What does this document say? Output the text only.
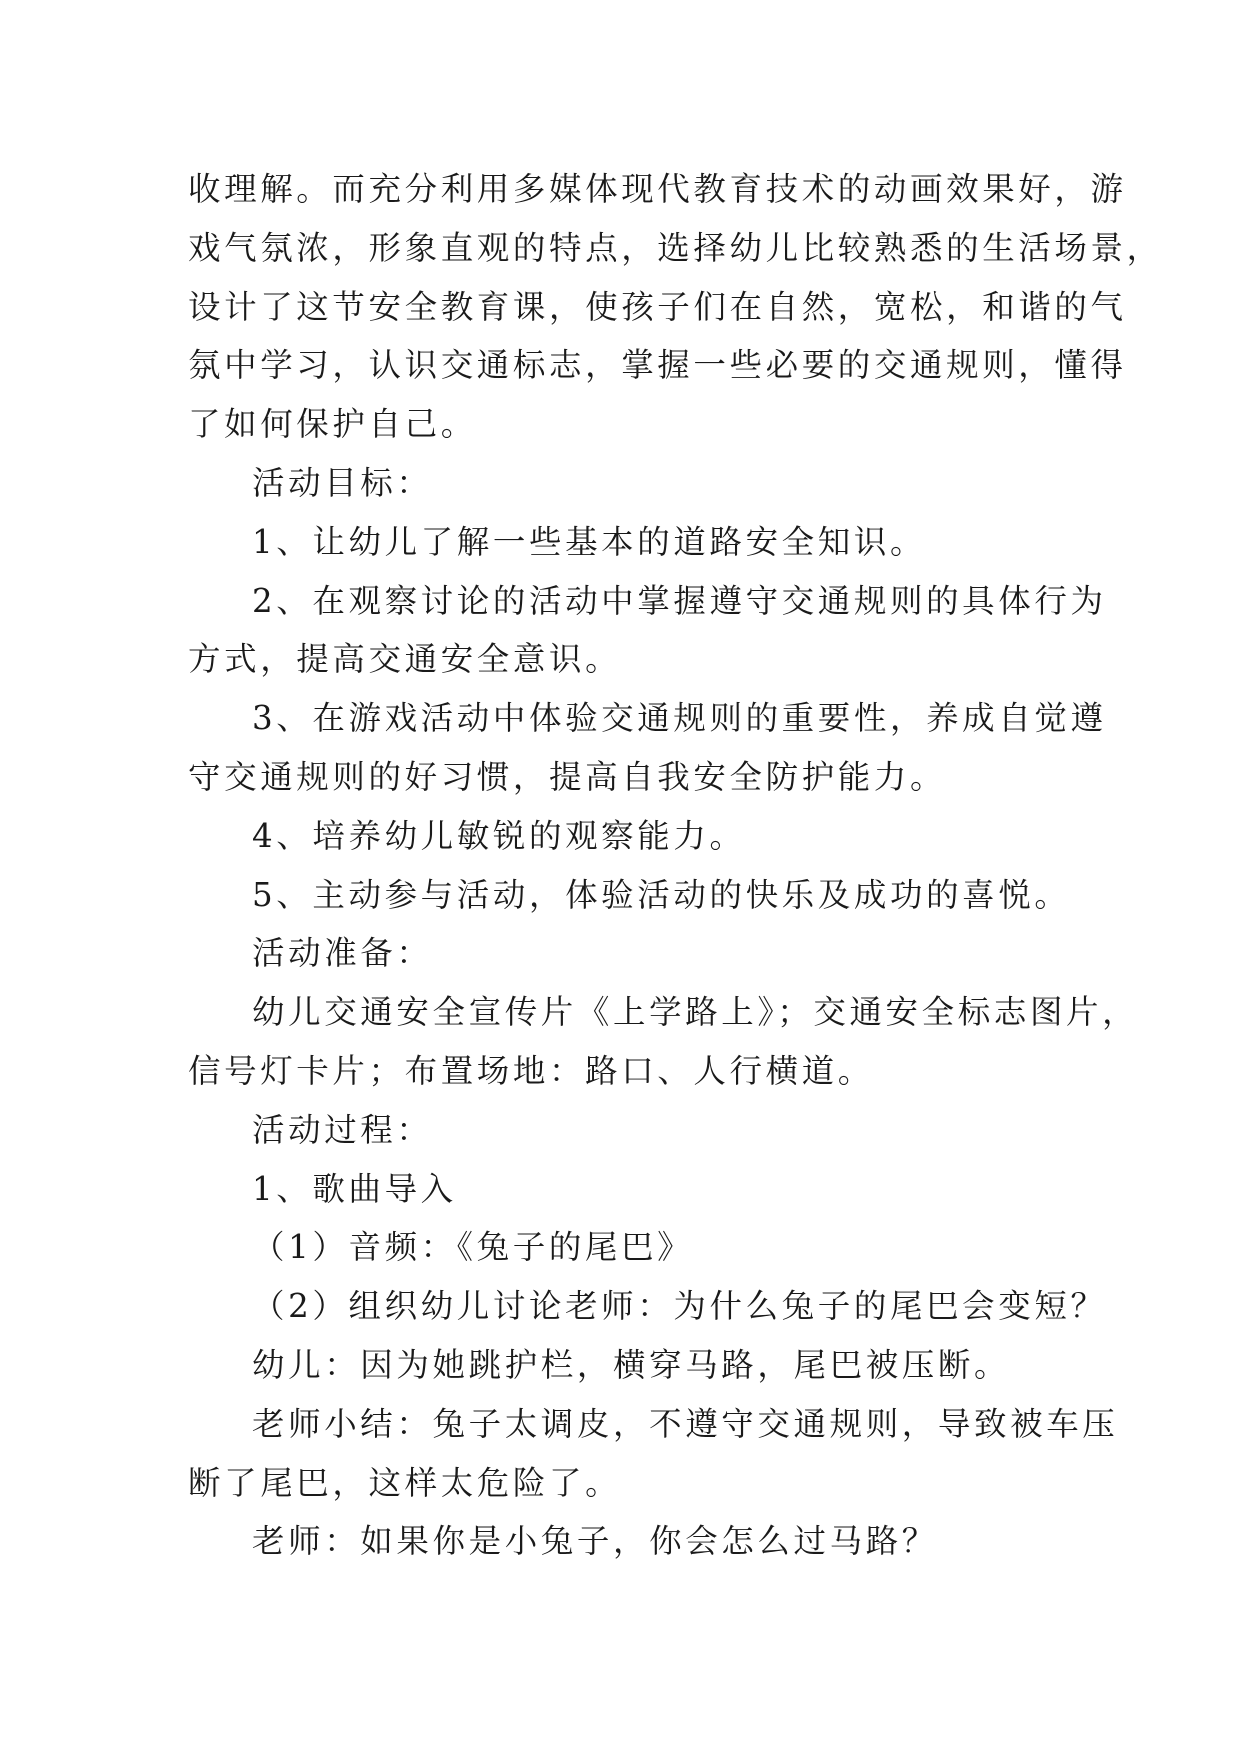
收理解。而充分利用多媒体现代教育技术的动画效果好，游

戏气氛浓，形象直观的特点，选择幼儿比较熟悉的生活场景，

设计了这节安全教育课，使孩子们在自然，宽松，和谐的气

氛中学习，认识交通标志，掌握一些必要的交通规则，懂得

了如何保护自己。

活动目标：

1、让幼儿了解一些基本的道路安全知识。

2、在观察讨论的活动中掌握遵守交通规则的具体行为

方式，提高交通安全意识。

3、在游戏活动中体验交通规则的重要性，养成自觉遵

守交通规则的好习惯，提高自我安全防护能力。

4、培养幼儿敏锐的观察能力。

5、主动参与活动，体验活动的快乐及成功的喜悦。

活动准备：

幼儿交通安全宣传片《上学路上》；交通安全标志图片，

信号灯卡片；布置场地：路口、人行横道。

活动过程：

1、歌曲导入

（1）音频：《兔子的尾巴》

（2）组织幼儿讨论老师：为什么兔子的尾巴会变短？

幼儿：因为她跳护栏，横穿马路，尾巴被压断。

老师小结：兔子太调皮，不遵守交通规则，导致被车压

断了尾巴，这样太危险了。

老师：如果你是小兔子，你会怎么过马路？
